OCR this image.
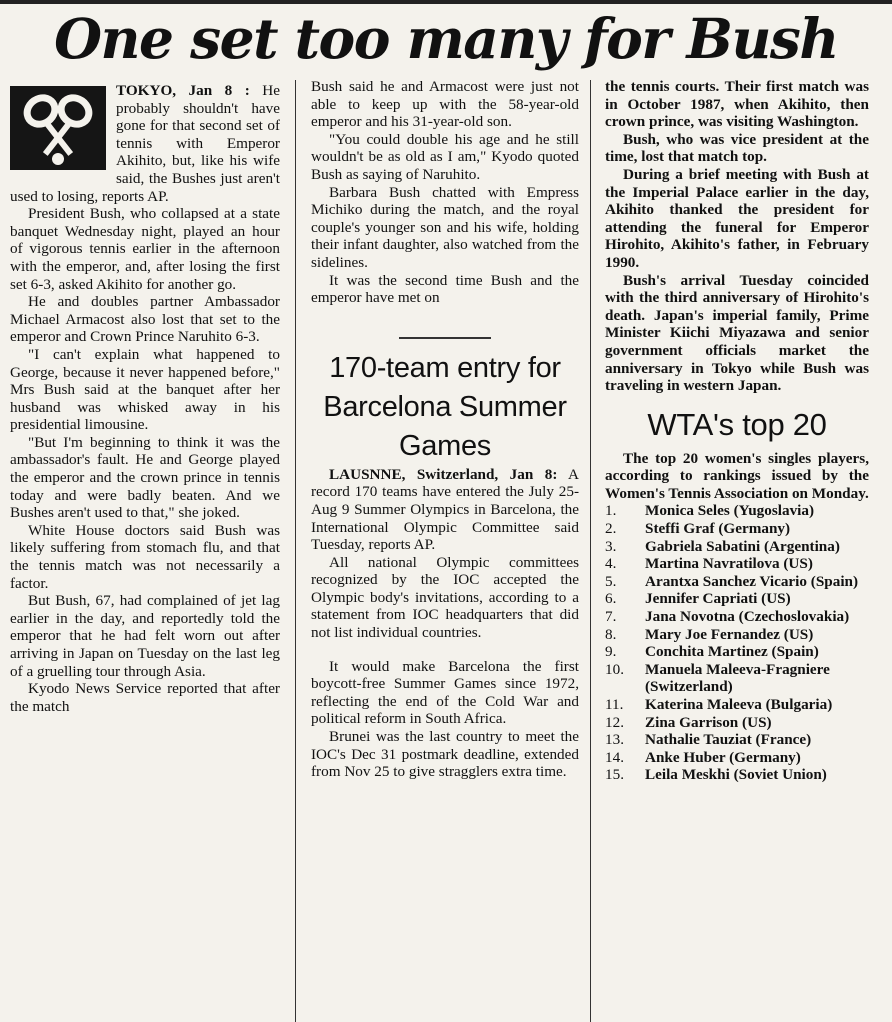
One set too many for Bush

TOKYO, Jan 8 : He probably shouldn't have gone for that second set of tennis with Emperor Akihito, but, like his wife said, the Bushes just aren't used to losing, reports AP.

President Bush, who collapsed at a state banquet Wednesday night, played an hour of vigorous tennis earlier in the afternoon with the emperor, and, after losing the first set 6-3, asked Akihito for another go.

He and doubles partner Ambassador Michael Armacost also lost that set to the emperor and Crown Prince Naruhito 6-3.

"I can't explain what happened to George, because it never happened before," Mrs Bush said at the banquet after her husband was whisked away in his presidential limousine.

"But I'm beginning to think it was the ambassador's fault. He and George played the emperor and the crown prince in tennis today and were badly beaten. And we Bushes aren't used to that," she joked.

White House doctors said Bush was likely suffering from stomach flu, and that the tennis match was not necessarily a factor.

But Bush, 67, had complained of jet lag earlier in the day, and reportedly told the emperor that he had felt worn out after arriving in Japan on Tuesday on the last leg of a gruelling tour through Asia.

Kyodo News Service reported that after the match

Bush said he and Armacost were just not able to keep up with the 58-year-old emperor and his 31-year-old son.

"You could double his age and he still wouldn't be as old as I am," Kyodo quoted Bush as saying of Naruhito.

Barbara Bush chatted with Empress Michiko during the match, and the royal couple's younger son and his wife, holding their infant daughter, also watched from the sidelines.

It was the second time Bush and the emperor have met on

170-team entry for Barcelona Summer Games

LAUSNNE, Switzerland, Jan 8: A record 170 teams have entered the July 25-Aug 9 Summer Olympics in Barcelona, the International Olympic Committee said Tuesday, reports AP.

All national Olympic committees recognized by the IOC accepted the Olympic body's invitations, according to a statement from IOC headquarters that did not list individual countries.

It would make Barcelona the first boycott-free Summer Games since 1972, reflecting the end of the Cold War and political reform in South Africa.

Brunei was the last country to meet the IOC's Dec 31 postmark deadline, extended from Nov 25 to give stragglers extra time.

the tennis courts. Their first match was in October 1987, when Akihito, then crown prince, was visiting Washington.

Bush, who was vice president at the time, lost that match top.

During a brief meeting with Bush at the Imperial Palace earlier in the day, Akihito thanked the president for attending the funeral for Emperor Hirohito, Akihito's father, in February 1990.

Bush's arrival Tuesday coincided with the third anniversary of Hirohito's death. Japan's imperial family, Prime Minister Kiichi Miyazawa and senior government officials market the anniversary in Tokyo while Bush was traveling in western Japan.

WTA's top 20

The top 20 women's singles players, according to rankings issued by the Women's Tennis Association on Monday.

1. Monica Seles (Yugoslavia)
2. Steffi Graf (Germany)
3. Gabriela Sabatini (Argentina)
4. Martina Navratilova (US)
5. Arantxa Sanchez Vicario (Spain)
6. Jennifer Capriati (US)
7. Jana Novotna (Czechoslovakia)
8. Mary Joe Fernandez (US)
9. Conchita Martinez (Spain)
10. Manuela Maleeva-Fragniere (Switzerland)
11. Katerina Maleeva (Bulgaria)
12. Zina Garrison (US)
13. Nathalie Tauziat (France)
14. Anke Huber (Germany)
15. Leila Meskhi (Soviet Union)
